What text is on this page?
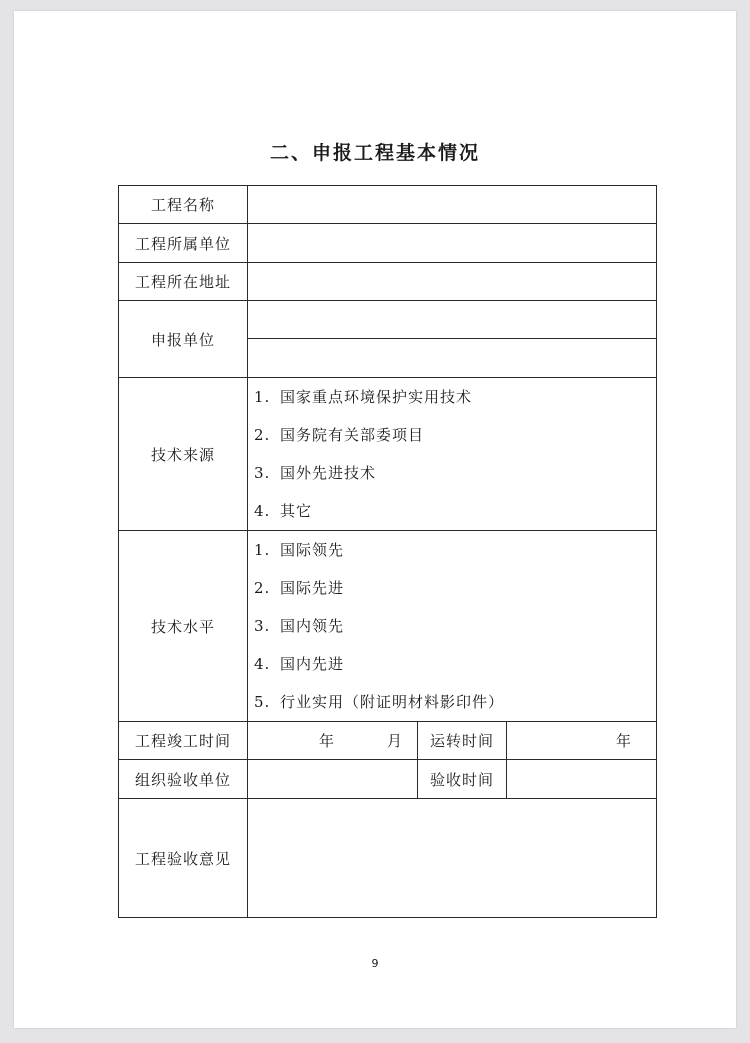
二、申报工程基本情况
工程名称			
工程所属单位			
工程所在地址			
申报单位			

技术来源	1. 国家重点环境保护实用技术
2. 国务院有关部委项目
3. 国外先进技术
4. 其它		

技术水平	1. 国际领先
2. 国际先进
3. 国内领先
4. 国内先进
5. 行业实用（附证明材料影印件）		

工程竣工时间	年 月	运转时间	年
组织验收单位		验收时间	
工程验收意见			
9
